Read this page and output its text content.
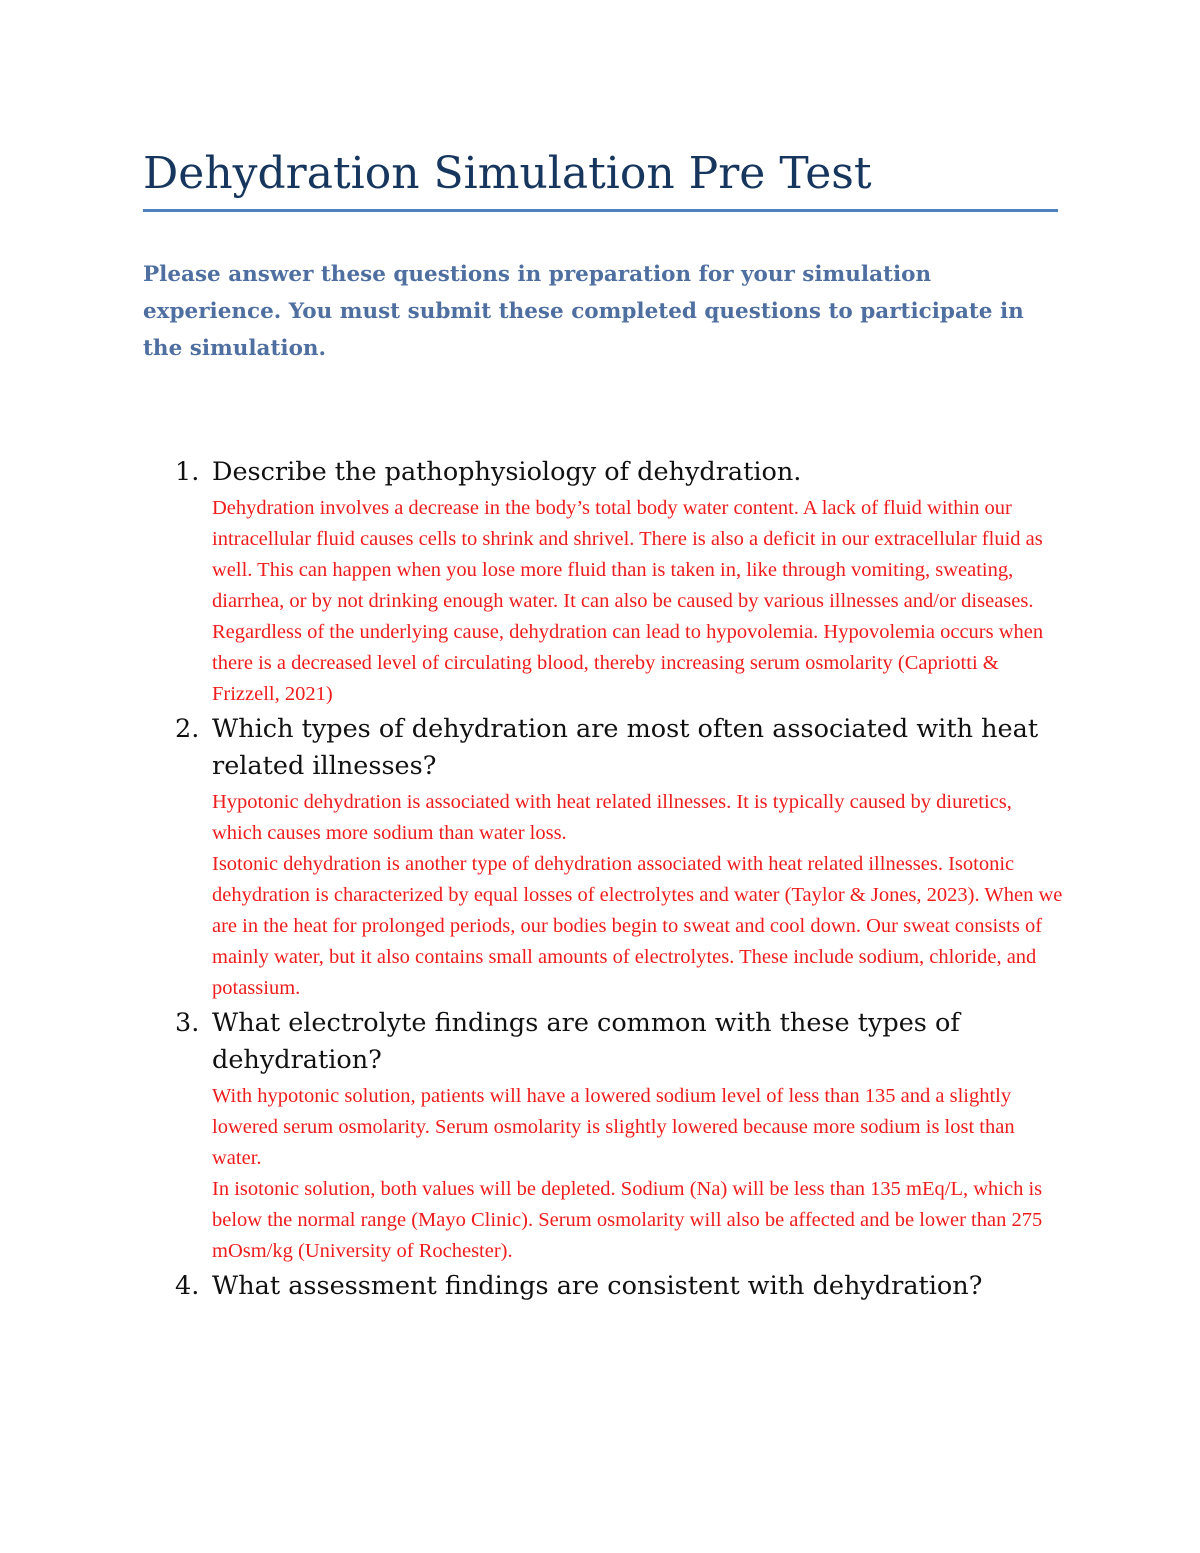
Dehydration Simulation Pre Test

Please answer these questions in preparation for your simulation experience. You must submit these completed questions to participate in the simulation.

1. Describe the pathophysiology of dehydration.
Dehydration involves a decrease in the body’s total body water content. A lack of fluid within our intracellular fluid causes cells to shrink and shrivel. There is also a deficit in our extracellular fluid as well. This can happen when you lose more fluid than is taken in, like through vomiting, sweating, diarrhea, or by not drinking enough water. It can also be caused by various illnesses and/or diseases. Regardless of the underlying cause, dehydration can lead to hypovolemia. Hypovolemia occurs when there is a decreased level of circulating blood, thereby increasing serum osmolarity (Capriotti & Frizzell, 2021)
2. Which types of dehydration are most often associated with heat related illnesses?
Hypotonic dehydration is associated with heat related illnesses. It is typically caused by diuretics, which causes more sodium than water loss.
Isotonic dehydration is another type of dehydration associated with heat related illnesses. Isotonic dehydration is characterized by equal losses of electrolytes and water (Taylor & Jones, 2023). When we are in the heat for prolonged periods, our bodies begin to sweat and cool down. Our sweat consists of mainly water, but it also contains small amounts of electrolytes. These include sodium, chloride, and potassium.
3. What electrolyte findings are common with these types of dehydration?
With hypotonic solution, patients will have a lowered sodium level of less than 135 and a slightly lowered serum osmolarity. Serum osmolarity is slightly lowered because more sodium is lost than water.
In isotonic solution, both values will be depleted. Sodium (Na) will be less than 135 mEq/L, which is below the normal range (Mayo Clinic). Serum osmolarity will also be affected and be lower than 275 mOsm/kg (University of Rochester).
4. What assessment findings are consistent with dehydration?
